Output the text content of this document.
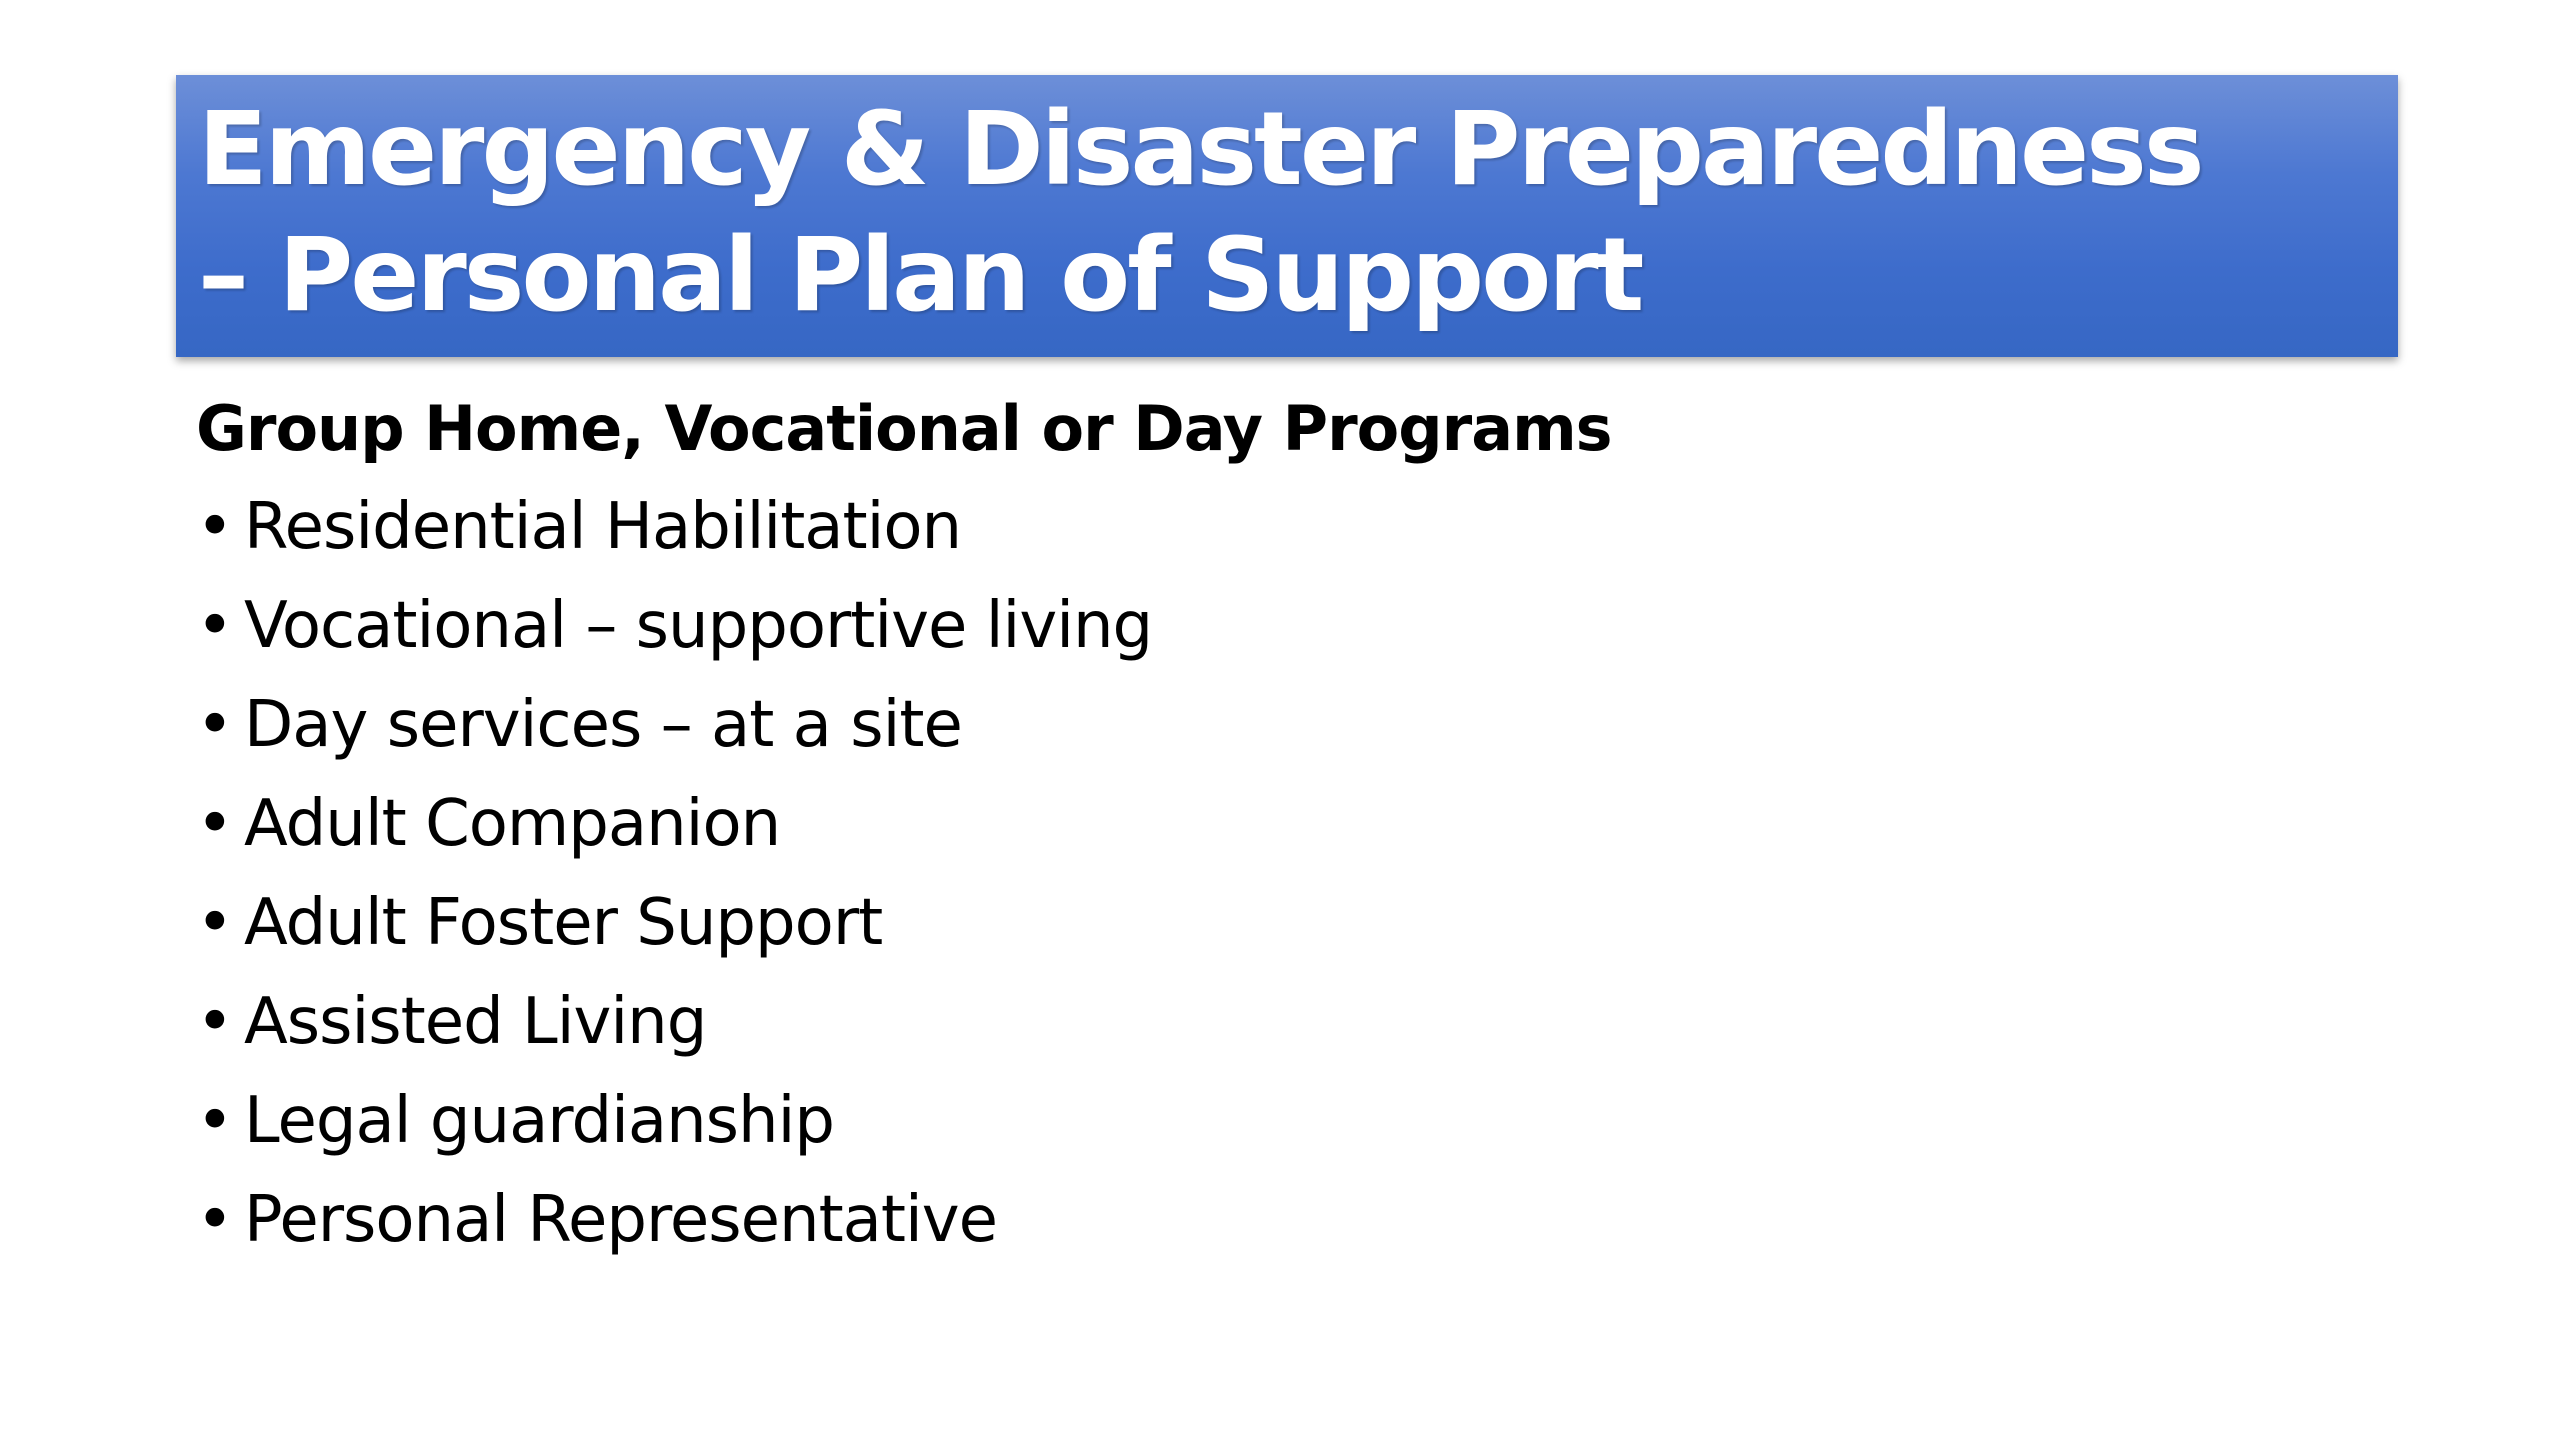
Emergency & Disaster Preparedness
– Personal Plan of Support

Group Home, Vocational or Day Programs

• Residential Habilitation
• Vocational – supportive living
• Day services – at a site
• Adult Companion
• Adult Foster Support
• Assisted Living
• Legal guardianship
• Personal Representative
